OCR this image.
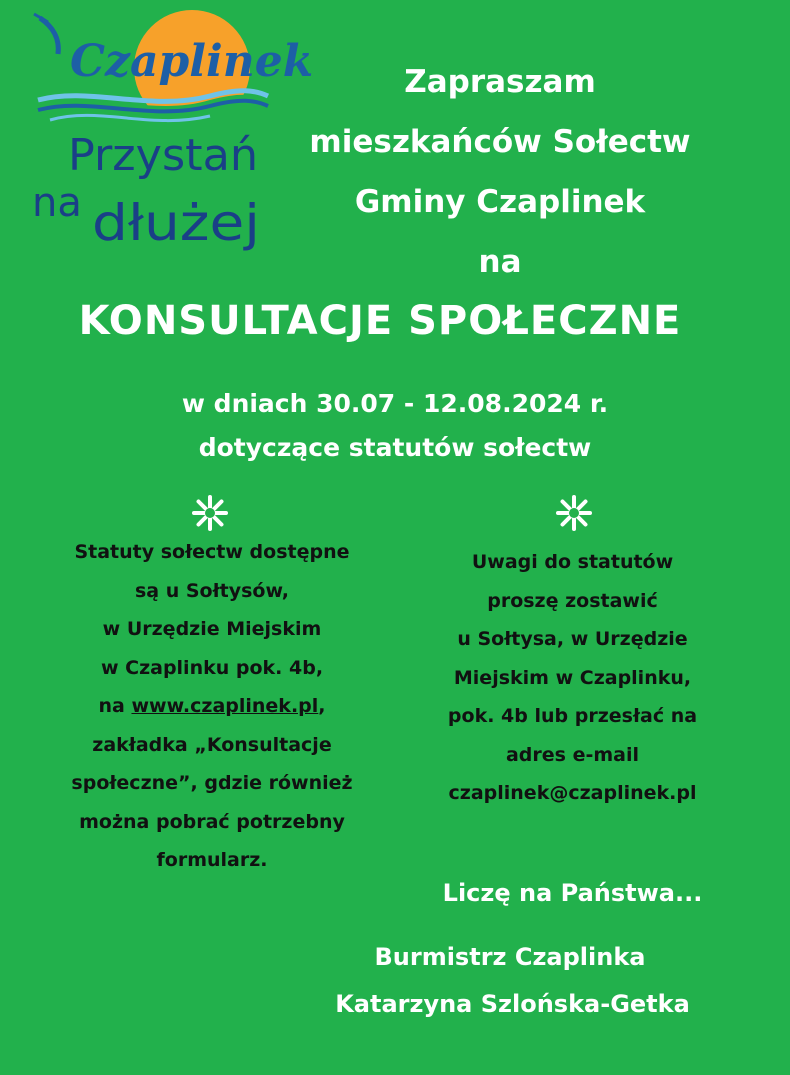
Czaplinek
Przystań
na dłużej
Zapraszam
mieszkańców Sołectw
Gminy Czaplinek
na
KONSULTACJE SPOŁECZNE
w dniach 30.07 - 12.08.2024 r.
dotyczące statutów sołectw
Statuty sołectw dostępne
są u Sołtysów,
w Urzędzie Miejskim
w Czaplinku pok. 4b,
na www.czaplinek.pl,
zakładka „Konsultacje
społeczne”, gdzie również
można pobrać potrzebny
formularz.
Uwagi do statutów
proszę zostawić
u Sołtysa, w Urzędzie
Miejskim w Czaplinku,
pok. 4b lub przesłać na
adres e-mail
czaplinek@czaplinek.pl
Liczę na Państwa...
Burmistrz Czaplinka
Katarzyna Szlońska-Getka
